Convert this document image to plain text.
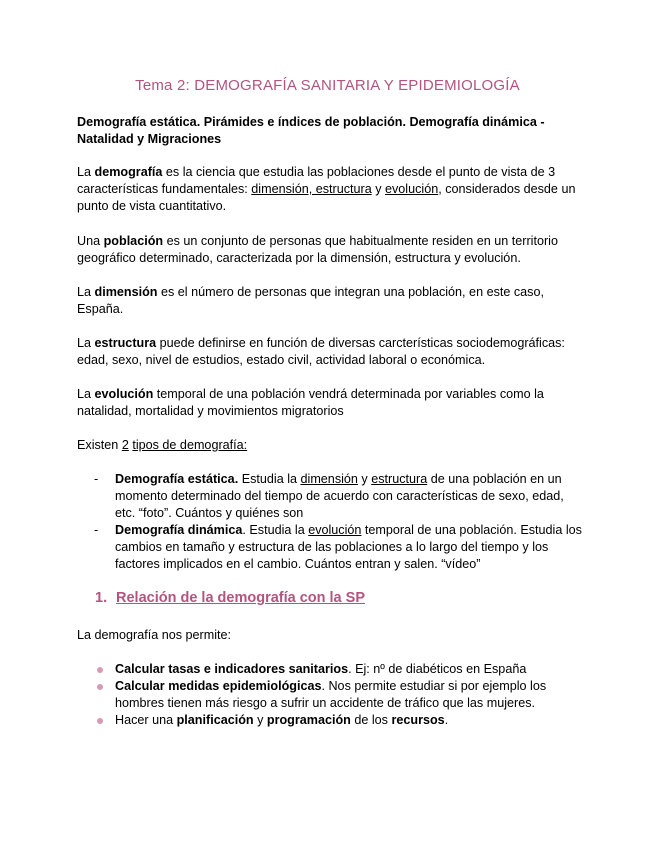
Tema 2: DEMOGRAFÍA SANITARIA Y EPIDEMIOLOGÍA
Demografía estática. Pirámides e índices de población. Demografía dinámica - Natalidad y Migraciones
La demografía es la ciencia que estudia las poblaciones desde el punto de vista de 3 características fundamentales: dimensión, estructura y evolución, considerados desde un punto de vista cuantitativo.
Una población es un conjunto de personas que habitualmente residen en un territorio geográfico determinado, caracterizada por la dimensión, estructura y evolución.
La dimensión es el número de personas que integran una población, en este caso, España.
La estructura puede definirse en función de diversas carcterísticas sociodemográficas: edad, sexo, nivel de estudios, estado civil, actividad laboral o económica.
La evolución temporal de una población vendrá determinada por variables como la natalidad, mortalidad y movimientos migratorios
Existen 2 tipos de demografía:
- Demografía estática. Estudia la dimensión y estructura de una población en un momento determinado del tiempo de acuerdo con características de sexo, edad, etc. “foto”. Cuántos y quiénes son
- Demografía dinámica. Estudia la evolución temporal de una población. Estudia los cambios en tamaño y estructura de las poblaciones a lo largo del tiempo y los factores implicados en el cambio. Cuántos entran y salen. “vídeo”
1. Relación de la demografía con la SP
La demografía nos permite:
Calcular tasas e indicadores sanitarios. Ej: nº de diabéticos en España
Calcular medidas epidemiológicas. Nos permite estudiar si por ejemplo los hombres tienen más riesgo a sufrir un accidente de tráfico que las mujeres.
Hacer una planificación y programación de los recursos.
